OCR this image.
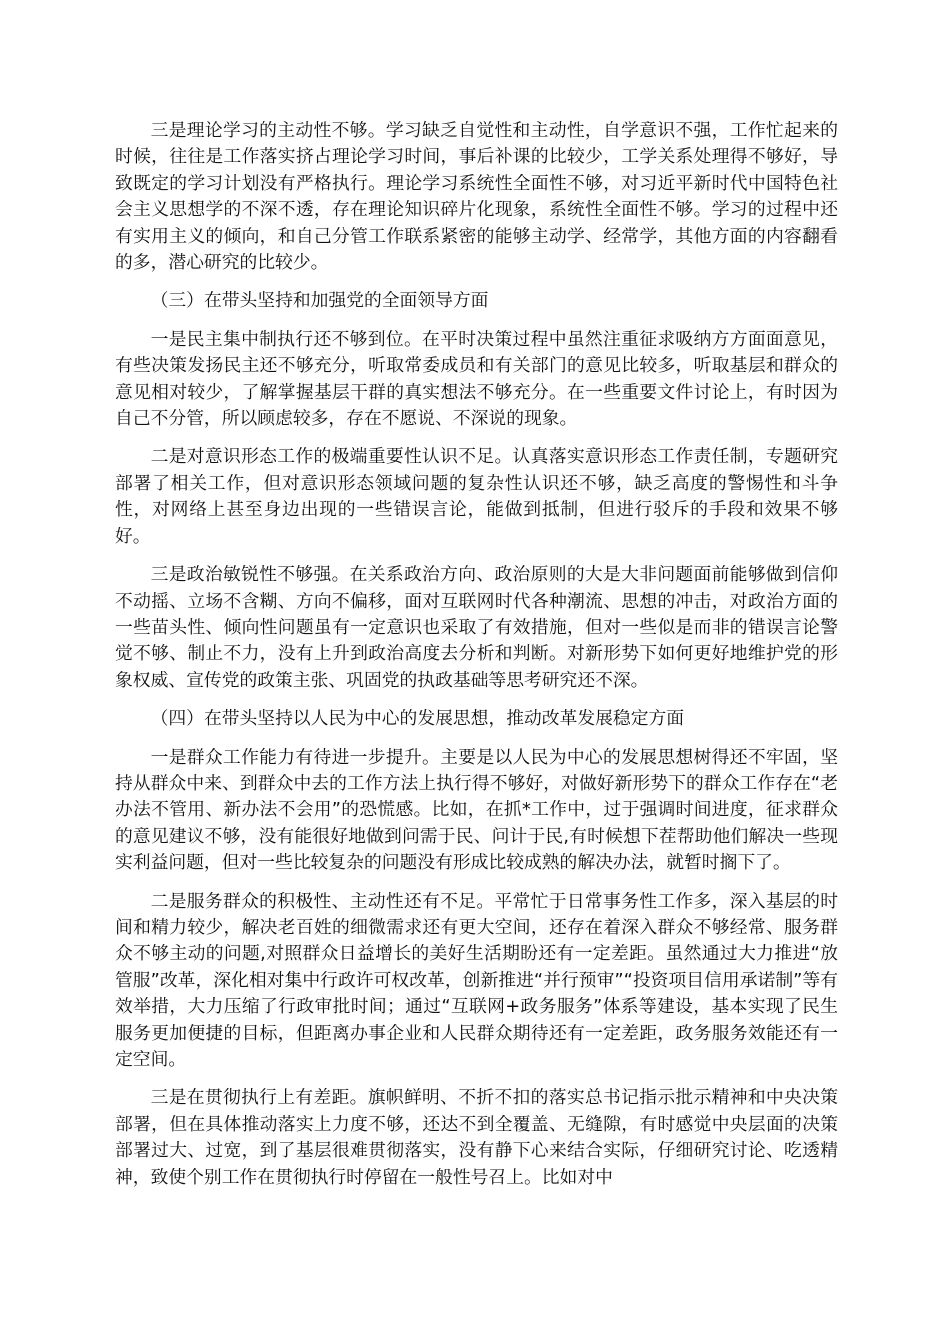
三是理论学习的主动性不够。学习缺乏自觉性和主动性，自学意识不强，工作忙起来的时候，往往是工作落实挤占理论学习时间，事后补课的比较少，工学关系处理得不够好，导致既定的学习计划没有严格执行。理论学习系统性全面性不够，对习近平新时代中国特色社会主义思想学的不深不透，存在理论知识碎片化现象，系统性全面性不够。学习的过程中还有实用主义的倾向，和自己分管工作联系紧密的能够主动学、经常学，其他方面的内容翻看的多，潜心研究的比较少。

（三）在带头坚持和加强党的全面领导方面

一是民主集中制执行还不够到位。在平时决策过程中虽然注重征求吸纳方方面面意见，有些决策发扬民主还不够充分，听取常委成员和有关部门的意见比较多，听取基层和群众的意见相对较少，了解掌握基层干群的真实想法不够充分。在一些重要文件讨论上，有时因为自己不分管，所以顾虑较多，存在不愿说、不深说的现象。

二是对意识形态工作的极端重要性认识不足。认真落实意识形态工作责任制，专题研究部署了相关工作，但对意识形态领域问题的复杂性认识还不够，缺乏高度的警惕性和斗争性，对网络上甚至身边出现的一些错误言论，能做到抵制，但进行驳斥的手段和效果不够好。

三是政治敏锐性不够强。在关系政治方向、政治原则的大是大非问题面前能够做到信仰不动摇、立场不含糊、方向不偏移，面对互联网时代各种潮流、思想的冲击，对政治方面的一些苗头性、倾向性问题虽有一定意识也采取了有效措施，但对一些似是而非的错误言论警觉不够、制止不力，没有上升到政治高度去分析和判断。对新形势下如何更好地维护党的形象权威、宣传党的政策主张、巩固党的执政基础等思考研究还不深。

（四）在带头坚持以人民为中心的发展思想，推动改革发展稳定方面

一是群众工作能力有待进一步提升。主要是以人民为中心的发展思想树得还不牢固，坚持从群众中来、到群众中去的工作方法上执行得不够好，对做好新形势下的群众工作存在“老办法不管用、新办法不会用”的恐慌感。比如，在抓*工作中，过于强调时间进度，征求群众的意见建议不够，没有能很好地做到问需于民、问计于民,有时候想下茬帮助他们解决一些现实利益问题，但对一些比较复杂的问题没有形成比较成熟的解决办法，就暂时搁下了。

二是服务群众的积极性、主动性还有不足。平常忙于日常事务性工作多，深入基层的时间和精力较少，解决老百姓的细微需求还有更大空间，还存在着深入群众不够经常、服务群众不够主动的问题,对照群众日益增长的美好生活期盼还有一定差距。虽然通过大力推进“放管服”改革，深化相对集中行政许可权改革，创新推进“并行预审”“投资项目信用承诺制”等有效举措，大力压缩了行政审批时间；通过“互联网+政务服务”体系等建设，基本实现了民生服务更加便捷的目标，但距离办事企业和人民群众期待还有一定差距，政务服务效能还有一定空间。

三是在贯彻执行上有差距。旗帜鲜明、不折不扣的落实总书记指示批示精神和中央决策部署，但在具体推动落实上力度不够，还达不到全覆盖、无缝隙，有时感觉中央层面的决策部署过大、过宽，到了基层很难贯彻落实，没有静下心来结合实际，仔细研究讨论、吃透精神，致使个别工作在贯彻执行时停留在一般性号召上。比如对中
